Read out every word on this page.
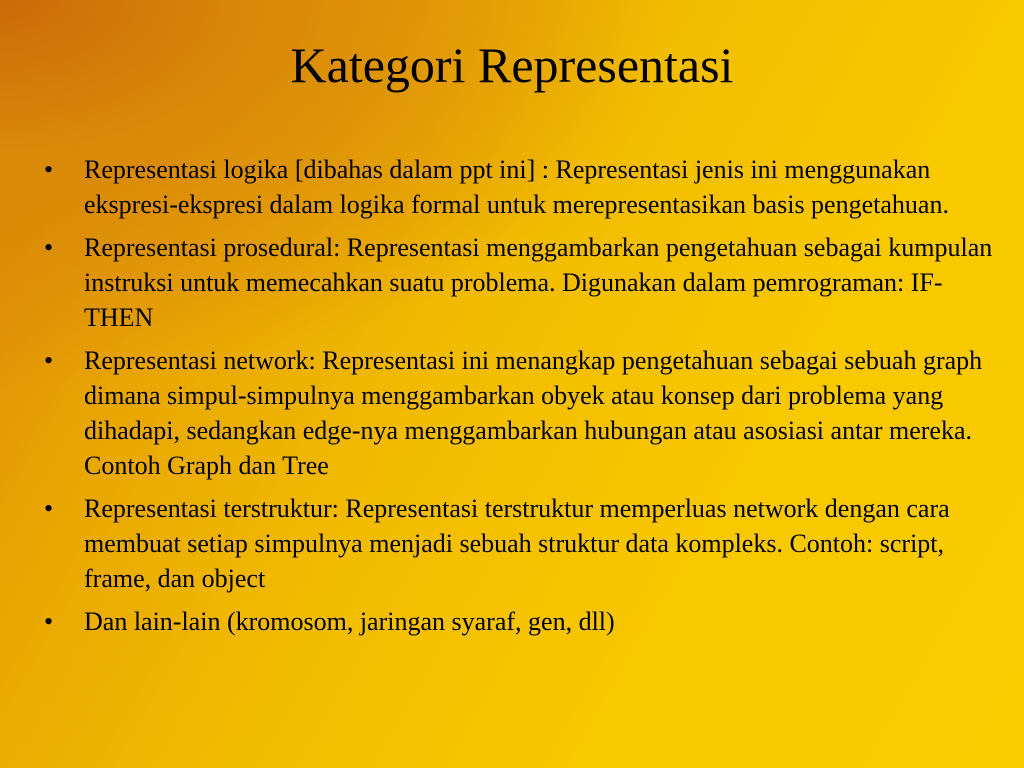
Kategori Representasi
• Representasi logika [dibahas dalam ppt ini] : Representasi jenis ini menggunakan ekspresi-ekspresi dalam logika formal untuk merepresentasikan basis pengetahuan.
• Representasi prosedural: Representasi menggambarkan pengetahuan sebagai kumpulan instruksi untuk memecahkan suatu problema. Digunakan dalam pemrograman: IF-THEN
• Representasi network: Representasi ini menangkap pengetahuan sebagai sebuah graph dimana simpul-simpulnya menggambarkan obyek atau konsep dari problema yang dihadapi, sedangkan edge-nya menggambarkan hubungan atau asosiasi antar mereka. Contoh Graph dan Tree
• Representasi terstruktur: Representasi terstruktur memperluas network dengan cara membuat setiap simpulnya menjadi sebuah struktur data kompleks. Contoh: script, frame, dan object
• Dan lain-lain (kromosom, jaringan syaraf, gen, dll)
